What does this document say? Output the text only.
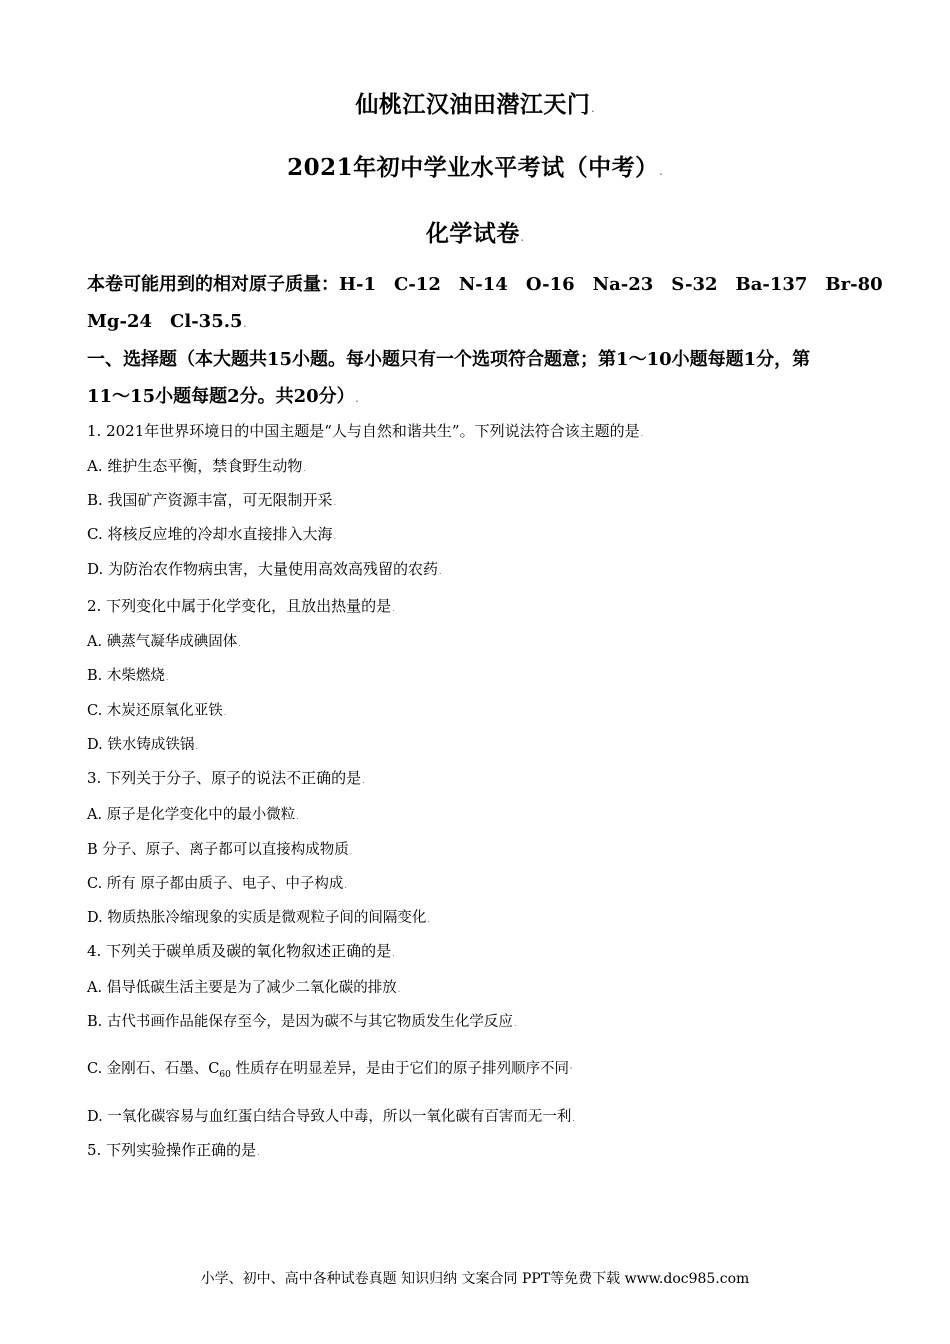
仙桃江汉油田潜江天门.
2021年初中学业水平考试（中考）.
化学试卷.
本卷可能用到的相对原子质量：H-1　C-12　N-14　O-16　Na-23　S-32　Ba-137　Br-80
Mg-24　Cl-35.5.
一、选择题（本大题共15小题。每小题只有一个选项符合题意；第1～10小题每题1分，第
11～15小题每题2分。共20分）.
1. 2021年世界环境日的中国主题是“人与自然和谐共生”。下列说法符合该主题的是.
A. 维护生态平衡，禁食野生动物.
B. 我国矿产资源丰富，可无限制开采.
C. 将核反应堆的冷却水直接排入大海.
D. 为防治农作物病虫害，大量使用高效高残留的农药.
2. 下列变化中属于化学变化，且放出热量的是.
A. 碘蒸气凝华成碘固体.
B. 木柴燃烧.
C. 木炭还原氧化亚铁.
D. 铁水铸成铁锅.
3. 下列关于分子、原子的说法不正确的是.
A. 原子是化学变化中的最小微粒.
B 分子、原子、离子都可以直接构成物质.
C. 所有 原子都由质子、电子、中子构成.
D. 物质热胀冷缩现象的实质是微观粒子间的间隔变化.
4. 下列关于碳单质及碳的氧化物叙述正确的是.
A. 倡导低碳生活主要是为了减少二氧化碳的排放.
B. 古代书画作品能保存至今，是因为碳不与其它物质发生化学反应.
C. 金刚石、石墨、$C_{60}$ 性质存在明显差异，是由于它们的原子排列顺序不同'
D. 一氧化碳容易与血红蛋白结合导致人中毒，所以一氧化碳有百害而无一利.
5. 下列实验操作正确的是.
小学、初中、高中各种试卷真题 知识归纳 文案合同 PPT等免费下载 www.doc985.com
